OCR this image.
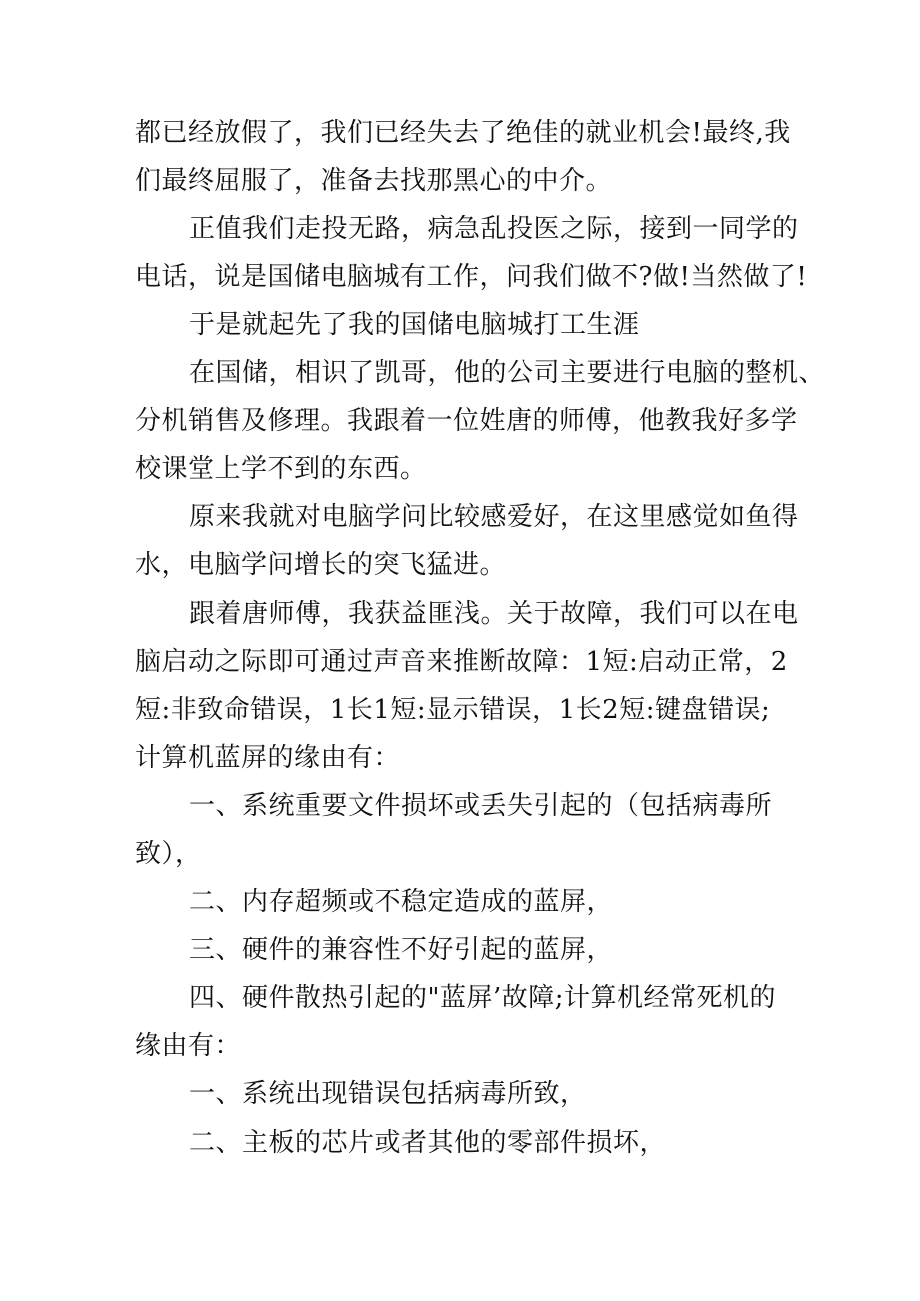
都已经放假了，我们已经失去了绝佳的就业机会!最终,我
们最终屈服了，准备去找那黑心的中介。
正值我们走投无路，病急乱投医之际，接到一同学的
电话，说是国储电脑城有工作，问我们做不?做!当然做了!
于是就起先了我的国储电脑城打工生涯
在国储，相识了凯哥，他的公司主要进行电脑的整机、
分机销售及修理。我跟着一位姓唐的师傅，他教我好多学
校课堂上学不到的东西。
原来我就对电脑学问比较感爱好，在这里感觉如鱼得
水，电脑学问增长的突飞猛进。
跟着唐师傅，我获益匪浅。关于故障，我们可以在电
脑启动之际即可通过声音来推断故障：1短:启动正常，2
短:非致命错误，1长1短:显示错误，1长2短:键盘错误;
计算机蓝屏的缘由有：
一、系统重要文件损坏或丢失引起的（包括病毒所
致），
二、内存超频或不稳定造成的蓝屏，
三、硬件的兼容性不好引起的蓝屏，
四、硬件散热引起的"蓝屏’故障;计算机经常死机的
缘由有：
一、系统出现错误包括病毒所致，
二、主板的芯片或者其他的零部件损坏，
